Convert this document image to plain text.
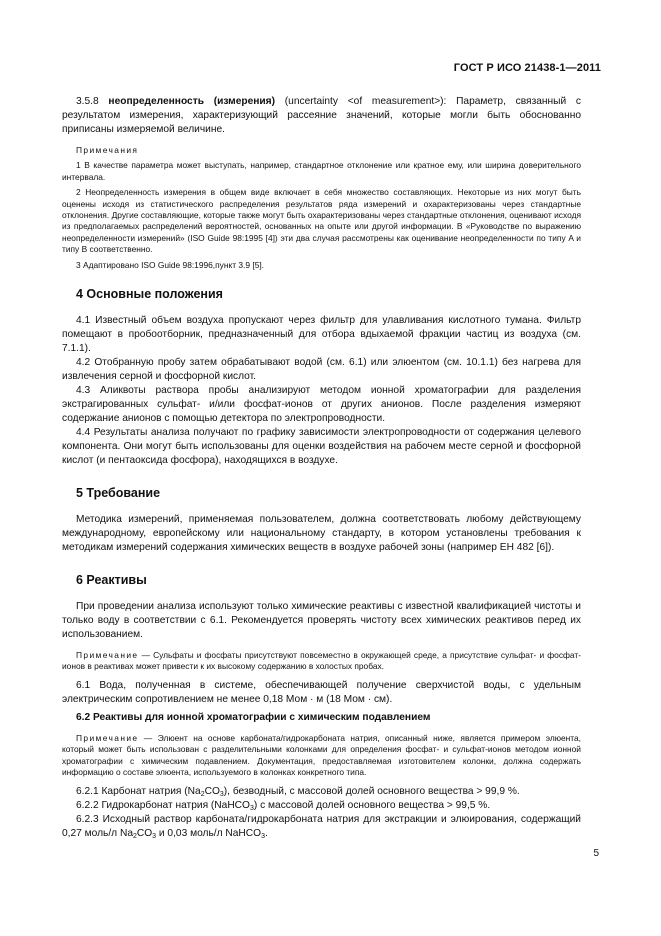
ГОСТ Р ИСО 21438-1—2011

3.5.8 неопределенность (измерения) (uncertainty <of measurement>): Параметр, связанный с результатом измерения, характеризующий рассеяние значений, которые могли быть обоснованно приписаны измеряемой величине.

Примечания

1 В качестве параметра может выступать, например, стандартное отклонение или кратное ему, или ширина доверительного интервала.

2 Неопределенность измерения в общем виде включает в себя множество составляющих. Некоторые из них могут быть оценены исходя из статистического распределения результатов ряда измерений и охарактеризованы через стандартные отклонения. Другие составляющие, которые также могут быть охарактеризованы через стандартные отклонения, оценивают исходя из предполагаемых распределений вероятностей, основанных на опыте или другой информации. В «Руководстве по выражению неопределенности измерений» (ISO Guide 98:1995 [4]) эти два случая рассмотрены как оценивание неопределенности по типу A и типу B соответственно.

3 Адаптировано ISO Guide 98:1996,пункт 3.9 [5].

4 Основные положения

4.1 Известный объем воздуха пропускают через фильтр для улавливания кислотного тумана. Фильтр помещают в пробоотборник, предназначенный для отбора вдыхаемой фракции частиц из воздуха (см. 7.1.1).

4.2 Отобранную пробу затем обрабатывают водой (см. 6.1) или элюентом (см. 10.1.1) без нагрева для извлечения серной и фосфорной кислот.

4.3 Аликвоты раствора пробы анализируют методом ионной хроматографии для разделения экстрагированных сульфат- и/или фосфат-ионов от других анионов. После разделения измеряют содержание анионов с помощью детектора по электропроводности.

4.4 Результаты анализа получают по графику зависимости электропроводности от содержания целевого компонента. Они могут быть использованы для оценки воздействия на рабочем месте серной и фосфорной кислот (и пентаоксида фосфора), находящихся в воздухе.

5 Требование

Методика измерений, применяемая пользователем, должна соответствовать любому действующему международному, европейскому или национальному стандарту, в котором установлены требования к методикам измерений содержания химических веществ в воздухе рабочей зоны (например ЕН 482 [6]).

6 Реактивы

При проведении анализа используют только химические реактивы с известной квалификацией чистоты и только воду в соответствии с 6.1. Рекомендуется проверять чистоту всех химических реактивов перед их использованием.

Примечание — Сульфаты и фосфаты присутствуют повсеместно в окружающей среде, а присутствие сульфат- и фосфат-ионов в реактивах может привести к их высокому содержанию в холостых пробах.

6.1 Вода, полученная в системе, обеспечивающей получение сверхчистой воды, с удельным электрическим сопротивлением не менее 0,18 Мом · м (18 Мом · см).

6.2 Реактивы для ионной хроматографии с химическим подавлением

Примечание — Элюент на основе карбоната/гидрокарбоната натрия, описанный ниже, является примером элюента, который может быть использован с разделительными колонками для определения фосфат- и сульфат-ионов методом ионной хроматографии с химическим подавлением. Документация, предоставляемая изготовителем колонки, должна содержать информацию о составе элюента, используемого в колонках конкретного типа.

6.2.1 Карбонат натрия $(Na_2CO_3)$, безводный, с массовой долей основного вещества > 99,9 %.

6.2.2 Гидрокарбонат натрия (NaHCO$_3$) с массовой долей основного вещества > 99,5 %.

6.2.3 Исходный раствор карбоната/гидрокарбоната натрия для экстракции и элюирования, содержащий 0,27 моль/л $Na_2CO_3$ и 0,03 моль/л NaHCO$_3$.

5
